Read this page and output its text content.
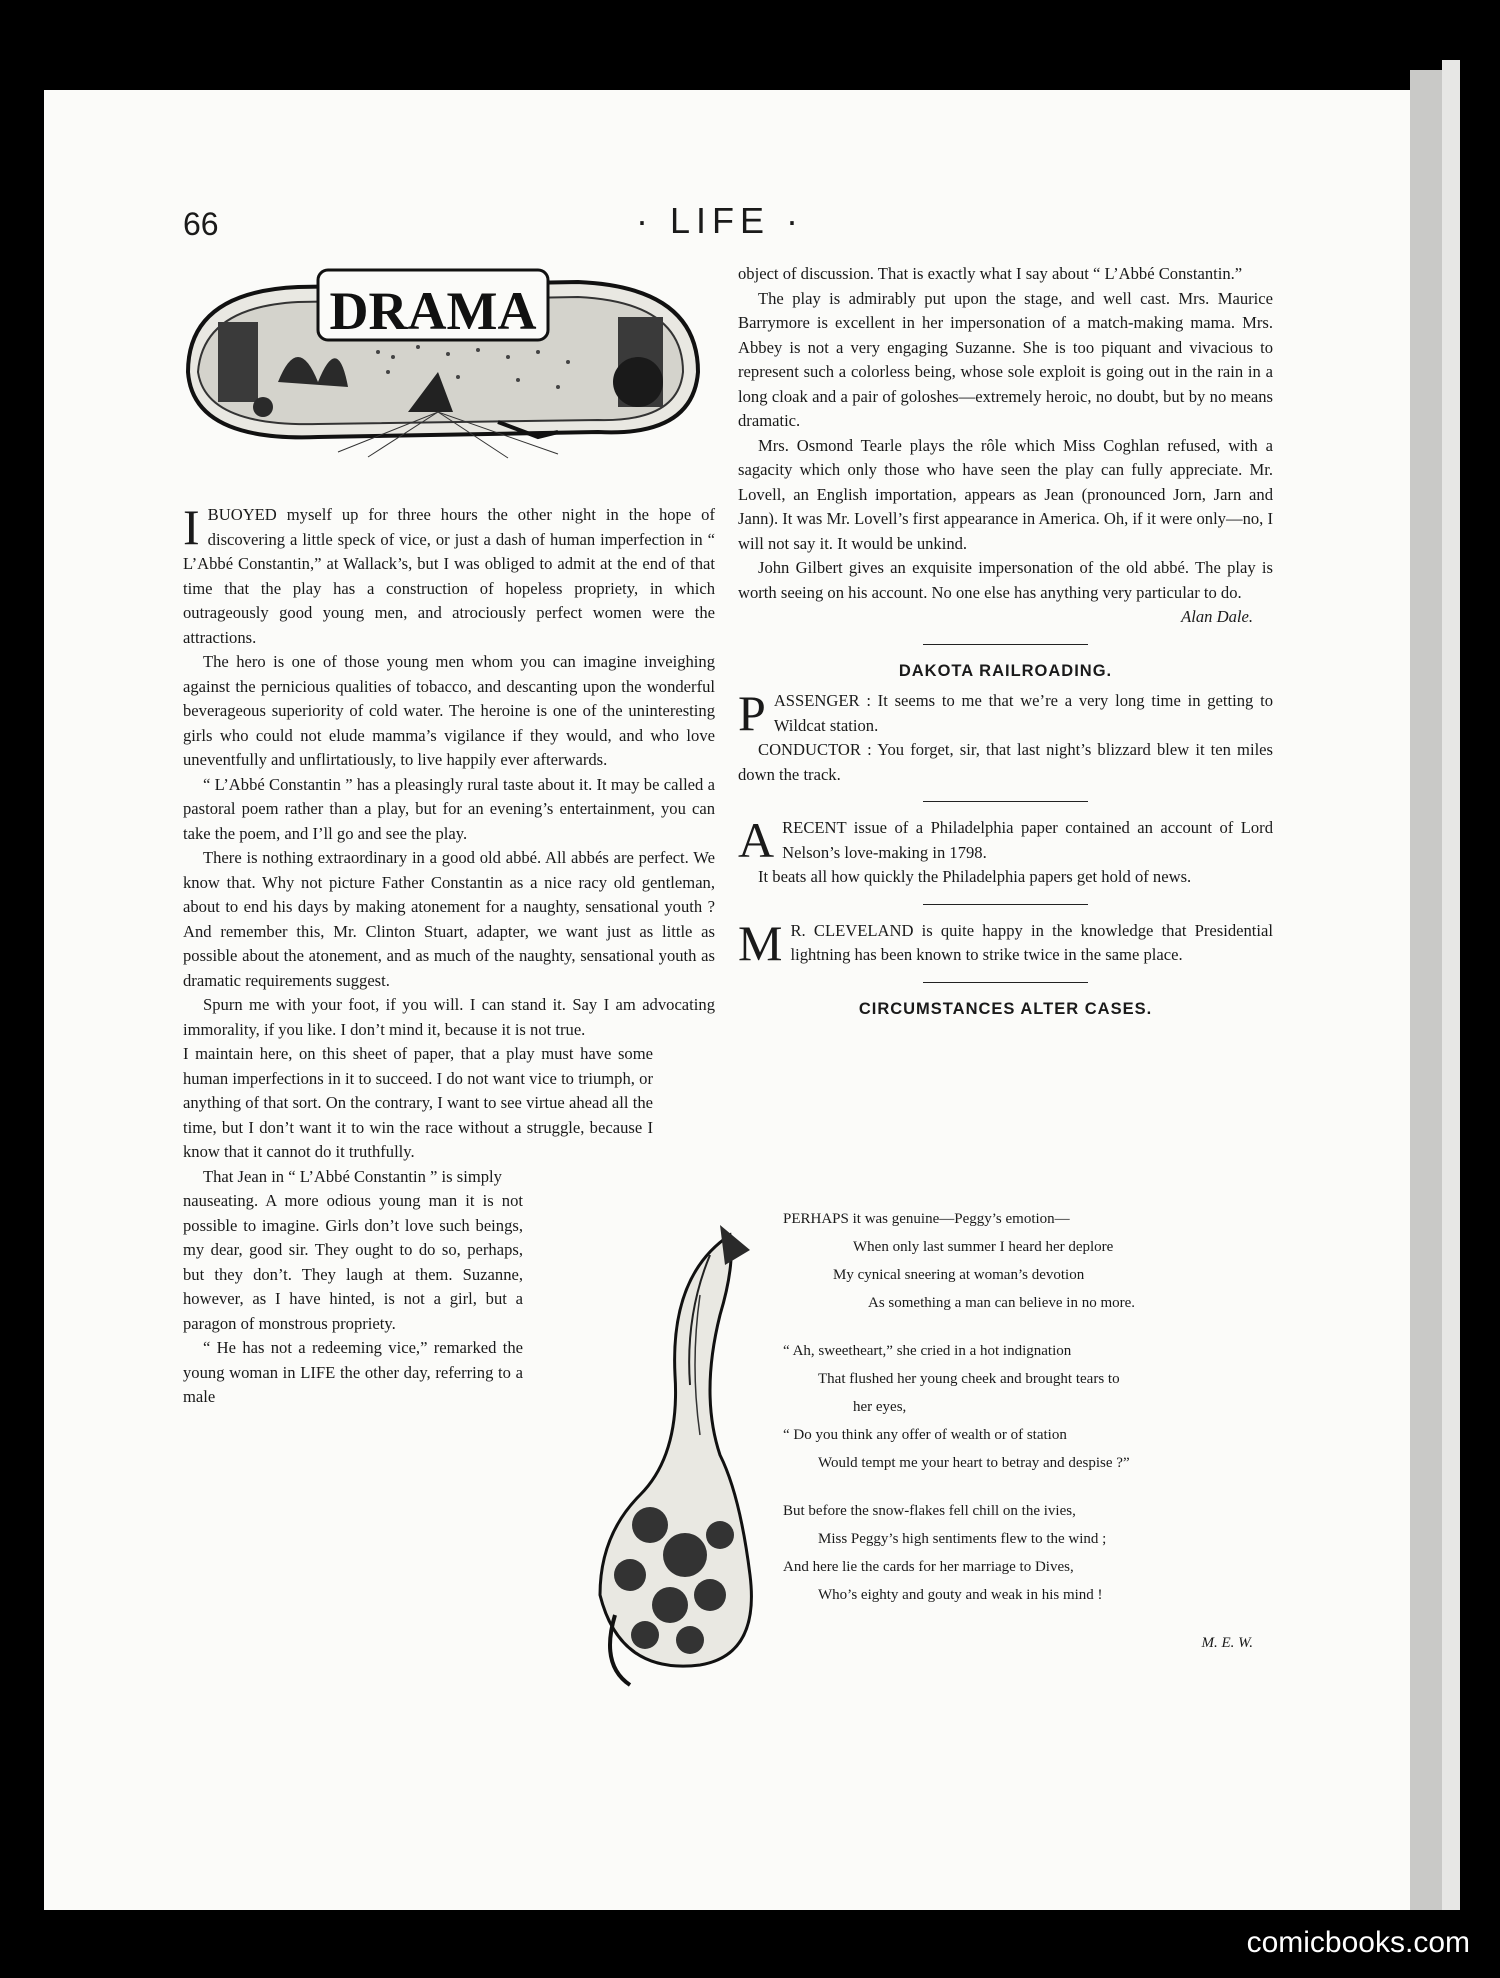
66	· LIFE ·
DRAMA

IBUOYED myself up for three hours the other night in the hope of discovering a little speck of vice, or just a dash of human imperfection in “ L’Abbé Constantin,” at Wallack’s, but I was obliged to admit at the end of that time that the play has a construction of hopeless propriety, in which outrageously good young men, and atrociously perfect women were the attractions.

The hero is one of those young men whom you can imagine inveighing against the pernicious qualities of tobacco, and descanting upon the wonderful beverageous superiority of cold water. The heroine is one of the uninteresting girls who could not elude mamma’s vigilance if they would, and who love uneventfully and unflirtatiously, to live happily ever afterwards.

“ L’Abbé Constantin ” has a pleasingly rural taste about it. It may be called a pastoral poem rather than a play, but for an evening’s entertainment, you can take the poem, and I’ll go and see the play.

There is nothing extraordinary in a good old abbé. All abbés are perfect. We know that. Why not picture Father Constantin as a nice racy old gentleman, about to end his days by making atonement for a naughty, sensational youth ? And remember this, Mr. Clinton Stuart, adapter, we want just as little as possible about the atonement, and as much of the naughty, sensational youth as dramatic requirements suggest.

Spurn me with your foot, if you will. I can stand it. Say I am advocating immorality, if you like. I don’t mind it, because it is not true.

I maintain here, on this sheet of paper, that a play must have some human imperfections in it to succeed. I do not want vice to triumph, or anything of that sort. On the contrary, I want to see virtue ahead all the time, but I don’t want it to win the race without a struggle, because I know that it cannot do it truthfully.

That Jean in “ L’Abbé Constantin ” is simply

nauseating. A more odious young man it is not possible to imagine. Girls don’t love such beings, my dear, good sir. They ought to do so, perhaps, but they don’t. They laugh at them. Suzanne, however, as I have hinted, is not a girl, but a paragon of monstrous propriety.

“ He has not a redeeming vice,” remarked the young woman in LIFE the other day, referring to a male

object of discussion. That is exactly what I say about “ L’Abbé Constantin.”

The play is admirably put upon the stage, and well cast. Mrs. Maurice Barrymore is excellent in her impersonation of a match-making mama. Mrs. Abbey is not a very engaging Suzanne. She is too piquant and vivacious to represent such a colorless being, whose sole exploit is going out in the rain in a long cloak and a pair of goloshes—extremely heroic, no doubt, but by no means dramatic.

Mrs. Osmond Tearle plays the rôle which Miss Coghlan refused, with a sagacity which only those who have seen the play can fully appreciate. Mr. Lovell, an English importation, appears as Jean (pronounced Jorn, Jarn and Jann). It was Mr. Lovell’s first appearance in America. Oh, if it were only—no, I will not say it. It would be unkind.

John Gilbert gives an exquisite impersonation of the old abbé. The play is worth seeing on his account. No one else has anything very particular to do.

Alan Dale.
DAKOTA RAILROADING.

PASSENGER : It seems to me that we’re a very long time in getting to Wildcat station.

CONDUCTOR : You forget, sir, that last night’s blizzard blew it ten miles down the track.

ARECENT issue of a Philadelphia paper contained an account of Lord Nelson’s love-making in 1798.

It beats all how quickly the Philadelphia papers get hold of news.

M R. CLEVELAND is quite happy in the knowledge that Presidential lightning has been known to strike twice in the same place.

CIRCUMSTANCES ALTER CASES.
PERHAPS it was genuine—Peggy’s emotion—
When only last summer I heard her deplore
My cynical sneering at woman’s devotion
As something a man can believe in no more.
“ Ah, sweetheart,” she cried in a hot indignation
That flushed her young cheek and brought tears to
her eyes,
“ Do you think any offer of wealth or of station
Would tempt me your heart to betray and despise ?”
But before the snow-flakes fell chill on the ivies,
Miss Peggy’s high sentiments flew to the wind ;
And here lie the cards for her marriage to Dives,
Who’s eighty and gouty and weak in his mind !
M. E. W.
comicbooks.com
